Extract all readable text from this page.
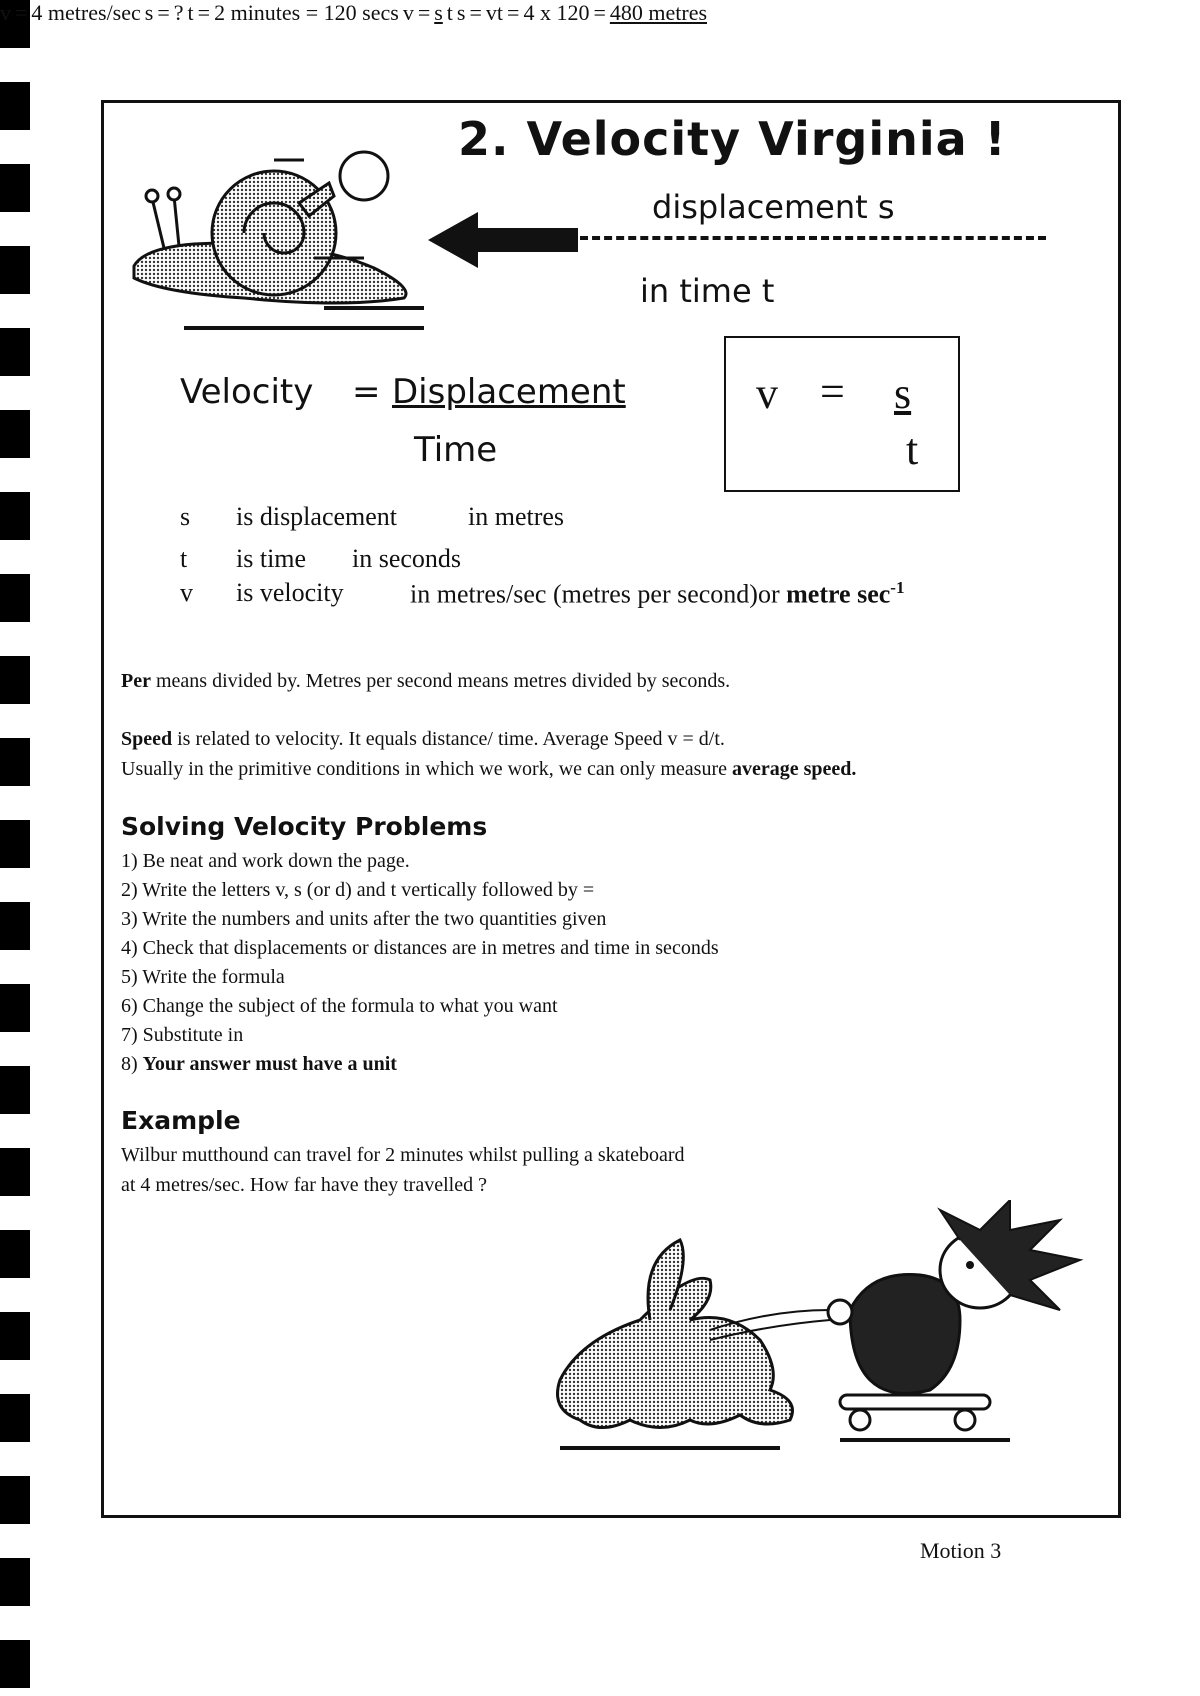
2. Velocity Virginia !
displacement s
in time t
Velocity = Displacement
Time
v = s
t
s is displacement	in metres
t is time in seconds
v is velocity	in metres/sec (metres per second)or metre $\sec^{-1}$
Per means divided by. Metres per second means metres divided by seconds.
Speed is related to velocity. It equals distance/ time. Average Speed v = d/t.
Usually in the primitive conditions in which we work, we can only measure average speed.
Solving Velocity Problems
1) Be neat and work down the page.
2) Write the letters v, s (or d) and t vertically followed by =
3) Write the numbers and units after the two quantities given
4) Check that displacements or distances are in metres and time in seconds
5) Write the formula
6) Change the subject of the formula to what you want
7) Substitute in
8) Your answer must have a unit
Example
Wilbur mutthound can travel for 2 minutes whilst pulling a skateboard
at 4 metres/sec. How far have they travelled ?
v = 4 metres/sec s = ? t = 2 minutes = 120 secs v = s t s = vt = 4 x 120 = 480 metres
Motion 3
